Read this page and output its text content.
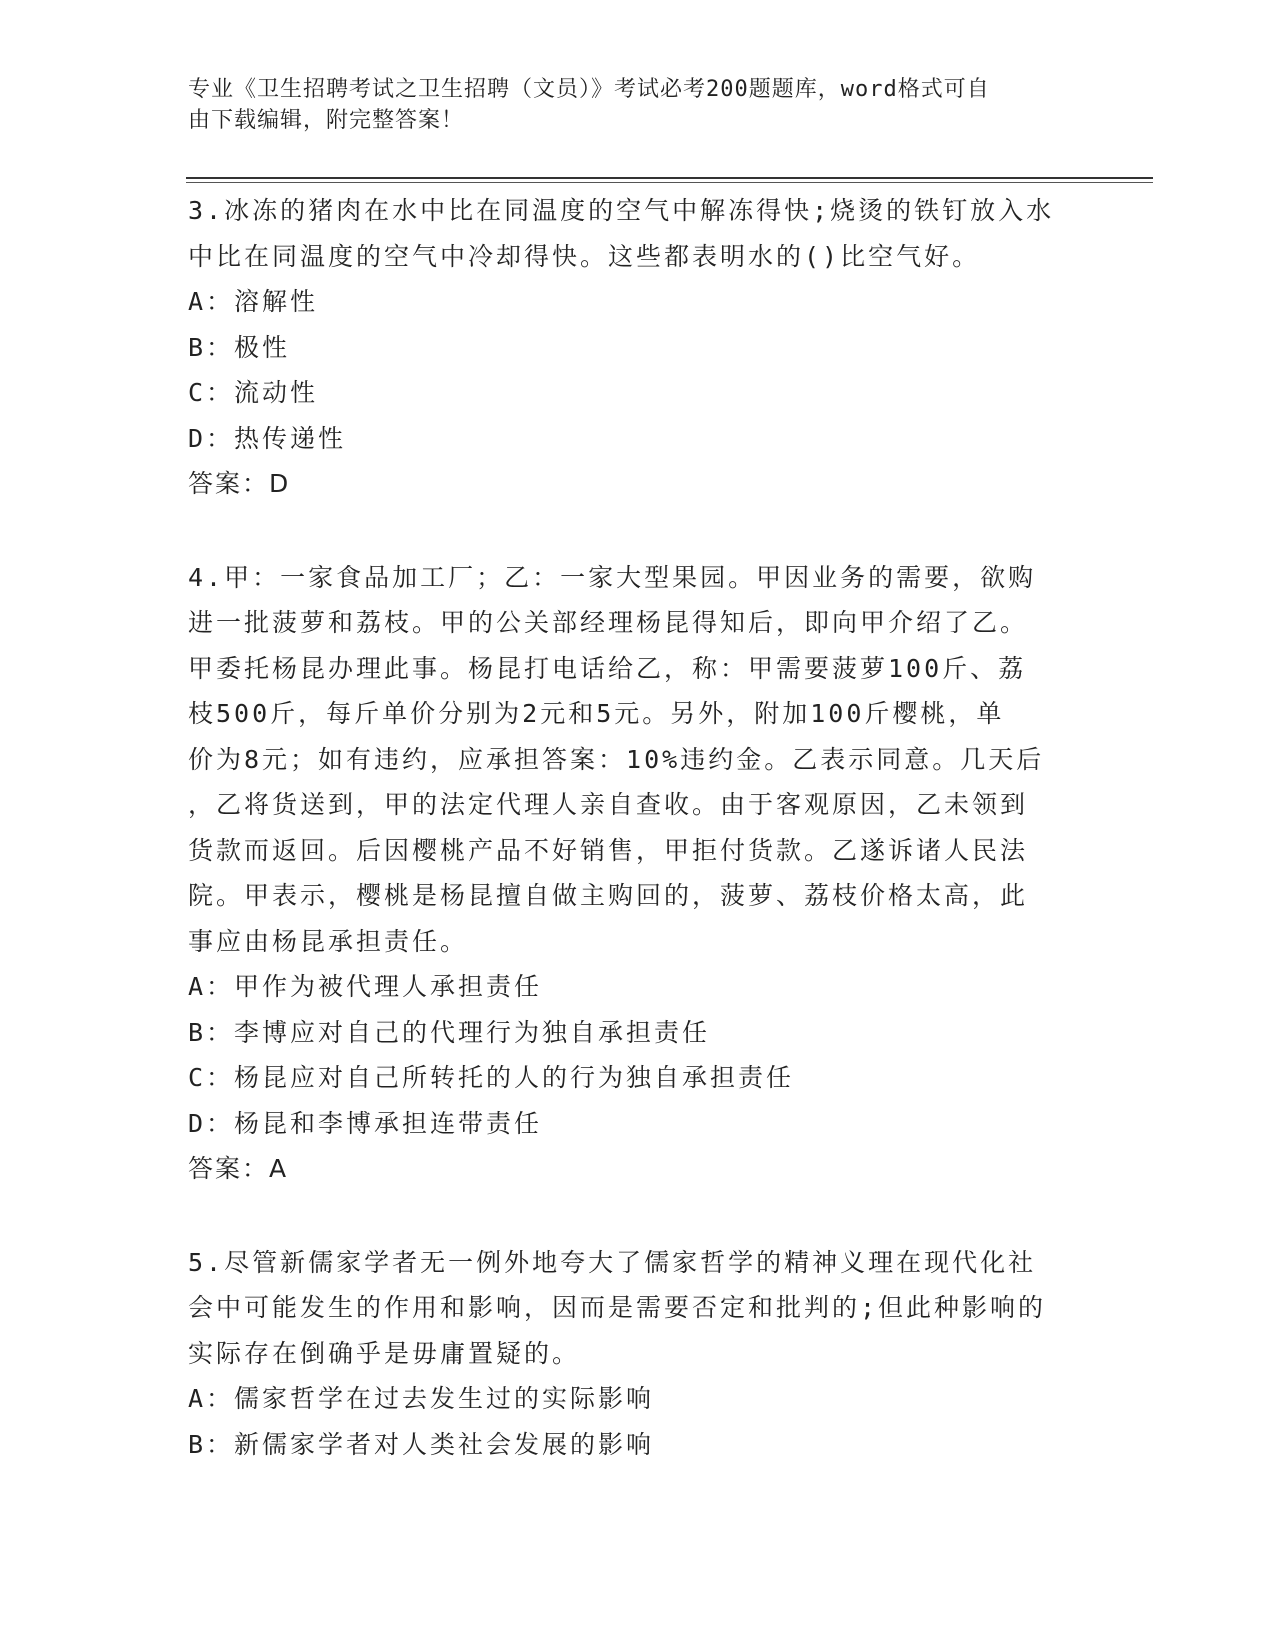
专业《卫生招聘考试之卫生招聘（文员）》考试必考200题题库，word格式可自
由下载编辑，附完整答案！
3.冰冻的猪肉在水中比在同温度的空气中解冻得快;烧烫的铁钉放入水
中比在同温度的空气中冷却得快。这些都表明水的()比空气好。
A：溶解性
B：极性
C：流动性
D：热传递性
答案：D
4.甲：一家食品加工厂；乙：一家大型果园。甲因业务的需要，欲购
进一批菠萝和荔枝。甲的公关部经理杨昆得知后，即向甲介绍了乙。
甲委托杨昆办理此事。杨昆打电话给乙，称：甲需要菠萝100斤、荔
枝500斤，每斤单价分别为2元和5元。另外，附加100斤樱桃，单
价为8元；如有违约，应承担答案：10%违约金。乙表示同意。几天后
，乙将货送到，甲的法定代理人亲自查收。由于客观原因，乙未领到
货款而返回。后因樱桃产品不好销售，甲拒付货款。乙遂诉诸人民法
院。甲表示，樱桃是杨昆擅自做主购回的，菠萝、荔枝价格太高，此
事应由杨昆承担责任。
A：甲作为被代理人承担责任
B：李博应对自己的代理行为独自承担责任
C：杨昆应对自己所转托的人的行为独自承担责任
D：杨昆和李博承担连带责任
答案：A
5.尽管新儒家学者无一例外地夸大了儒家哲学的精神义理在现代化社
会中可能发生的作用和影响，因而是需要否定和批判的;但此种影响的
实际存在倒确乎是毋庸置疑的。
A：儒家哲学在过去发生过的实际影响
B：新儒家学者对人类社会发展的影响
